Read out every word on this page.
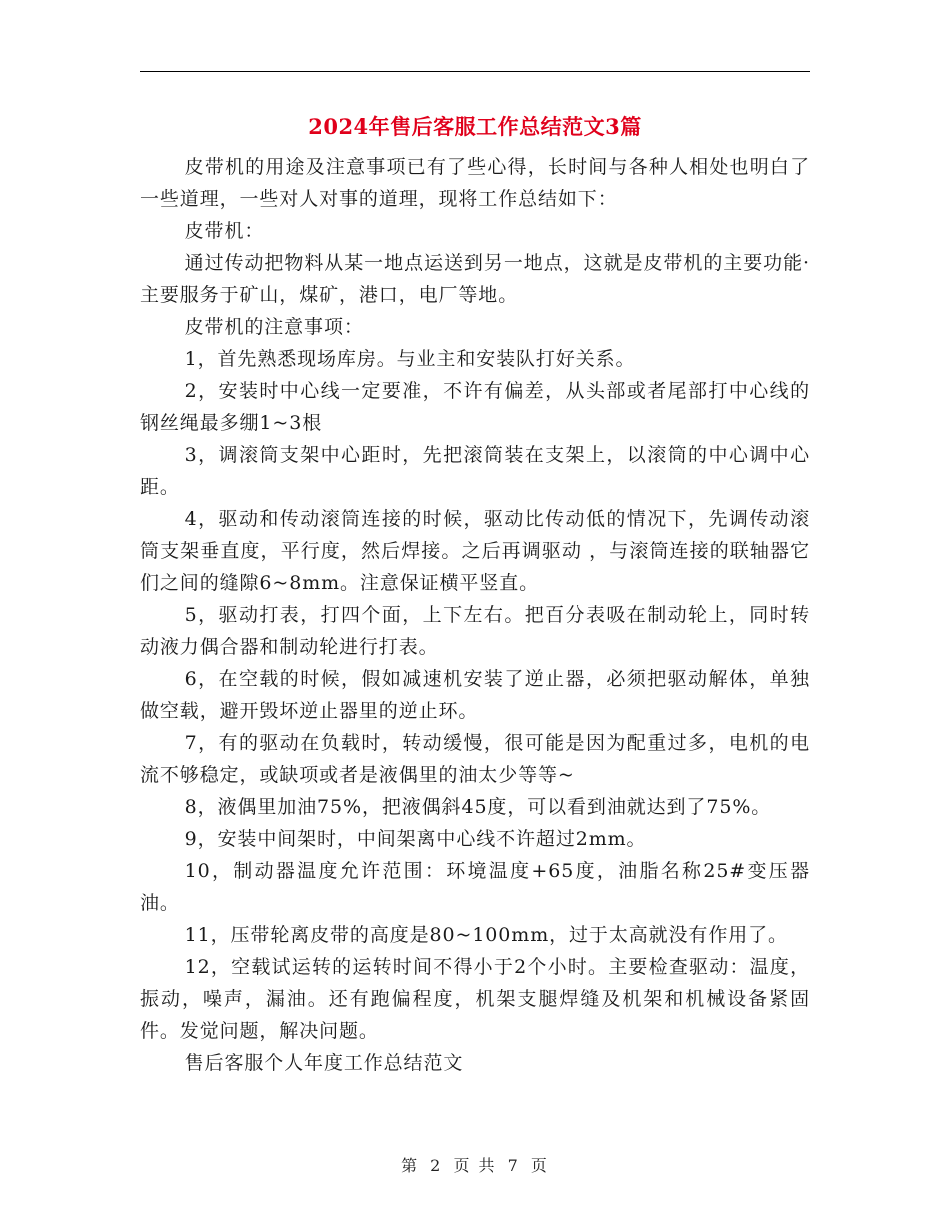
2024年售后客服工作总结范文3篇

皮带机的用途及注意事项已有了些心得，长时间与各种人相处也明白了一些道理，一些对人对事的道理，现将工作总结如下：

皮带机：

通过传动把物料从某一地点运送到另一地点，这就是皮带机的主要功能·主要服务于矿山，煤矿，港口，电厂等地。

皮带机的注意事项：

1，首先熟悉现场库房。与业主和安装队打好关系。

2，安装时中心线一定要准，不许有偏差，从头部或者尾部打中心线的钢丝绳最多绷1~3根

3，调滚筒支架中心距时，先把滚筒装在支架上，以滚筒的中心调中心距。

4，驱动和传动滚筒连接的时候，驱动比传动低的情况下，先调传动滚筒支架垂直度，平行度，然后焊接。之后再调驱动 ，与滚筒连接的联轴器它们之间的缝隙6~8mm。注意保证横平竖直。

5，驱动打表，打四个面，上下左右。把百分表吸在制动轮上，同时转动液力偶合器和制动轮进行打表。

6，在空载的时候，假如减速机安装了逆止器，必须把驱动解体，单独做空载，避开毁坏逆止器里的逆止环。

7，有的驱动在负载时，转动缓慢，很可能是因为配重过多，电机的电流不够稳定，或缺项或者是液偶里的油太少等等~

8，液偶里加油75%，把液偶斜45度，可以看到油就达到了75%。

9，安装中间架时，中间架离中心线不许超过2mm。

10，制动器温度允许范围：环境温度+65度，油脂名称25#变压器油。

11，压带轮离皮带的高度是80~100mm，过于太高就没有作用了。

12，空载试运转的运转时间不得小于2个小时。主要检查驱动：温度，振动，噪声，漏油。还有跑偏程度，机架支腿焊缝及机架和机械设备紧固件。发觉问题，解决问题。

售后客服个人年度工作总结范文

第 2 页 共 7 页
